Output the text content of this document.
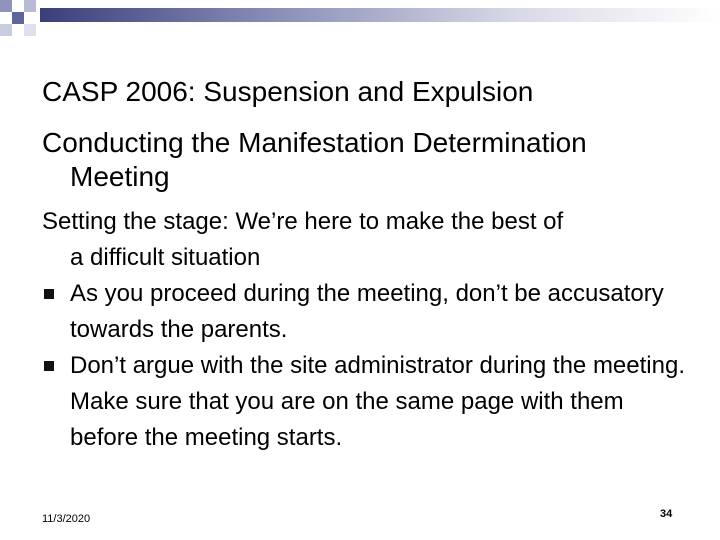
CASP 2006: Suspension and Expulsion
Conducting the Manifestation Determination
Meeting

Setting the stage: We’re here to make the best of
a difficult situation

As you proceed during the meeting, don’t be accusatory towards the parents.
Don’t argue with the site administrator during the meeting. Make sure that you are on the same page with them before the meeting starts.
11/3/2020	34
